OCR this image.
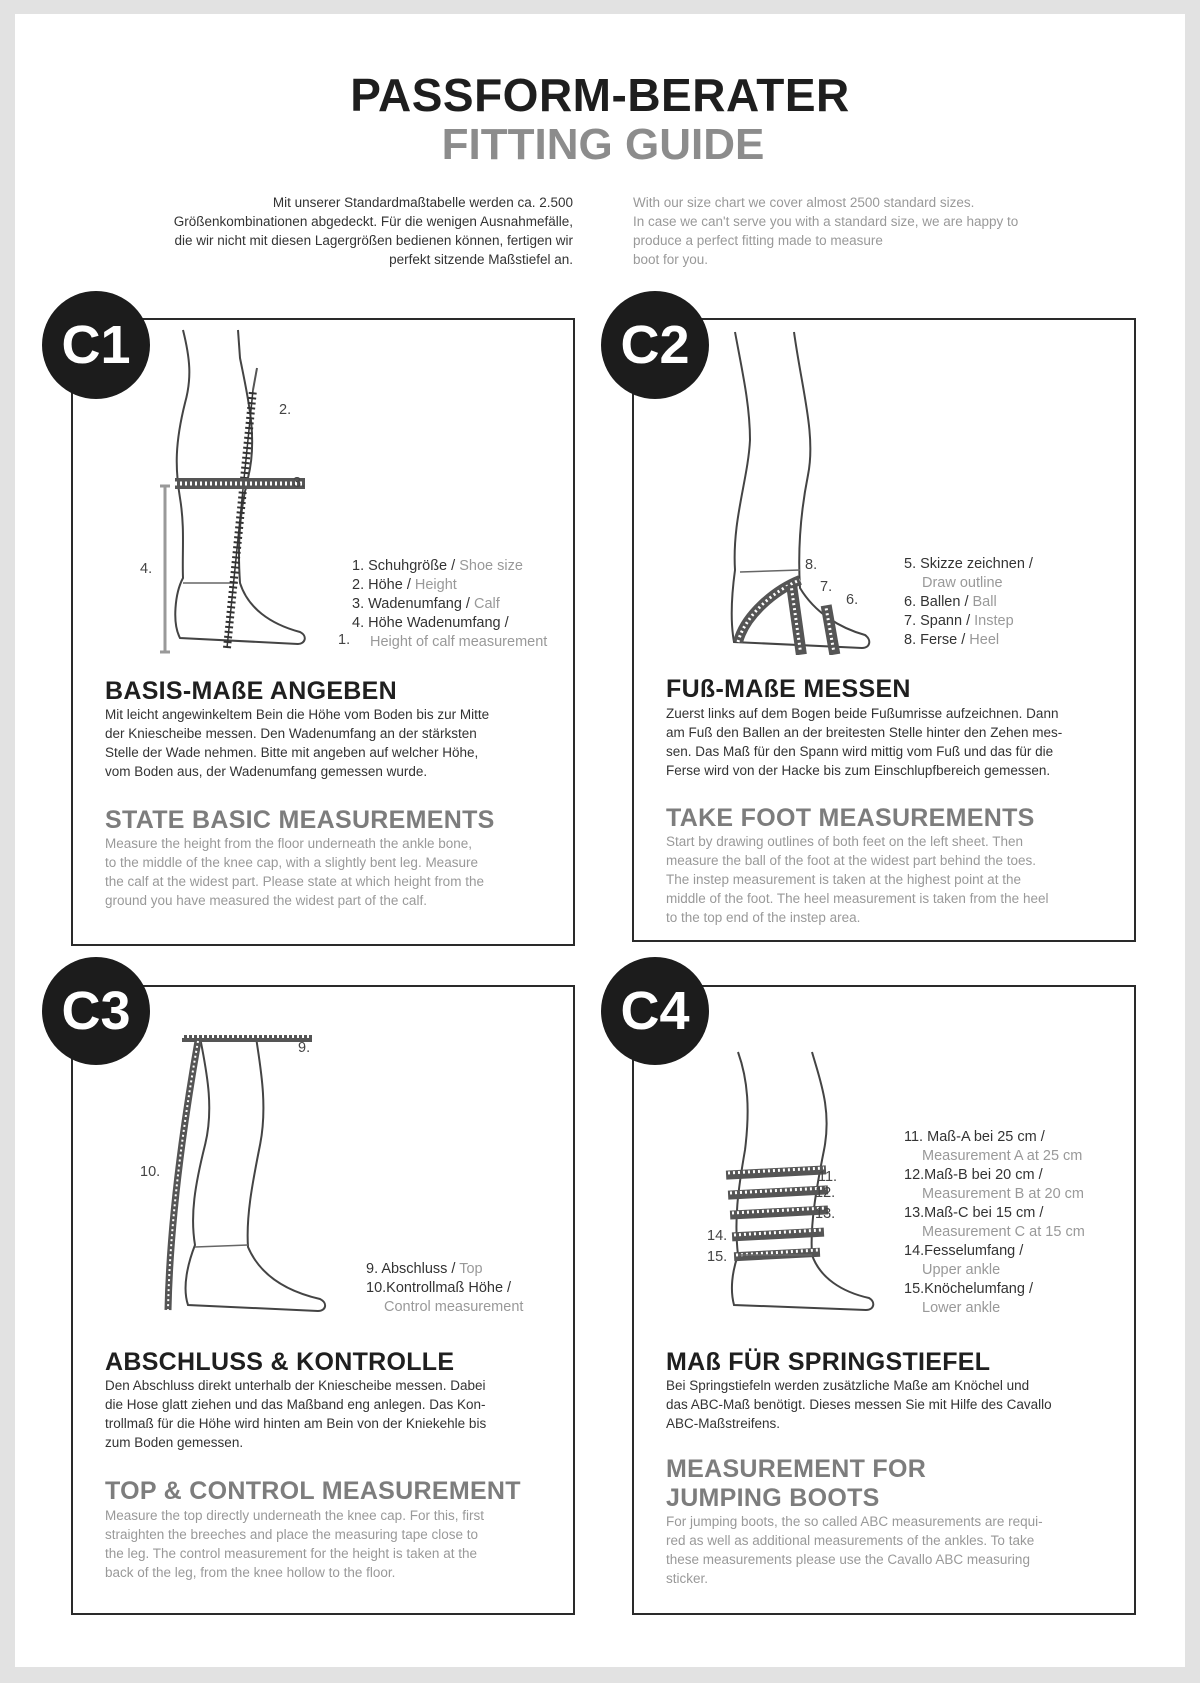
PASSFORM-BERATER
FITTING GUIDE
Mit unserer Standardmaßtabelle werden ca. 2.500
Größenkombinationen abgedeckt. Für die wenigen Ausnahmefälle,
die wir nicht mit diesen Lagergrößen bedienen können, fertigen wir
perfekt sitzende Maßstiefel an.
With our size chart we cover almost 2500 standard sizes.
In case we can't serve you with a standard size, we are happy to
produce a perfect fitting made to measure
boot for you.
2.
3.
4.
1.
1. Schuhgröße / Shoe size
2. Höhe / Height
3. Wadenumfang / Calf
4. Höhe Wadenumfang /
Height of calf measurement
C1
BASIS-MAßE ANGEBEN
Mit leicht angewinkeltem Bein die Höhe vom Boden bis zur Mitte
der Kniescheibe messen. Den Wadenumfang an der stärksten
Stelle der Wade nehmen. Bitte mit angeben auf welcher Höhe,
vom Boden aus, der Wadenumfang gemessen wurde.
STATE BASIC MEASUREMENTS
Measure the height from the floor underneath the ankle bone,
to the middle of the knee cap, with a slightly bent leg. Measure
the calf at the widest part. Please state at which height from the
ground you have measured the widest part of the calf.
8.
7.
6.
5. Skizze zeichnen /
Draw outline
6. Ballen / Ball
7. Spann / Instep
8. Ferse / Heel
C2
FUß-MAßE MESSEN
Zuerst links auf dem Bogen beide Fußumrisse aufzeichnen. Dann
am Fuß den Ballen an der breitesten Stelle hinter den Zehen mes-
sen. Das Maß für den Spann wird mittig vom Fuß und das für die
Ferse wird von der Hacke bis zum Einschlupfbereich gemessen.
TAKE FOOT MEASUREMENTS
Start by drawing outlines of both feet on the left sheet. Then
measure the ball of the foot at the widest part behind the toes.
The instep measurement is taken at the highest point at the
middle of the foot. The heel measurement is taken from the heel
to the top end of the instep area.
9.
10.
9. Abschluss / Top
10.Kontrollmaß Höhe /
Control measurement
C3
ABSCHLUSS & KONTROLLE
Den Abschluss direkt unterhalb der Kniescheibe messen. Dabei
die Hose glatt ziehen und das Maßband eng anlegen. Das Kon-
trollmaß für die Höhe wird hinten am Bein von der Kniekehle bis
zum Boden gemessen.
TOP & CONTROL MEASUREMENT
Measure the top directly underneath the knee cap. For this, first
straighten the breeches and place the measuring tape close to
the leg. The control measurement for the height is taken at the
back of the leg, from the knee hollow to the floor.
11.
12.
13.
14.
15.
11. Maß-A bei 25 cm /
Measurement A at 25 cm
12.Maß-B bei 20 cm /
Measurement B at 20 cm
13.Maß-C bei 15 cm /
Measurement C at 15 cm
14.Fesselumfang /
Upper ankle
15.Knöchelumfang /
Lower ankle
C4
MAß FÜR SPRINGSTIEFEL
Bei Springstiefeln werden zusätzliche Maße am Knöchel und
das ABC-Maß benötigt. Dieses messen Sie mit Hilfe des Cavallo
ABC-Maßstreifens.
MEASUREMENT FOR
JUMPING BOOTS
For jumping boots, the so called ABC measurements are requi-
red as well as additional measurements of the ankles. To take
these measurements please use the Cavallo ABC measuring
sticker.
